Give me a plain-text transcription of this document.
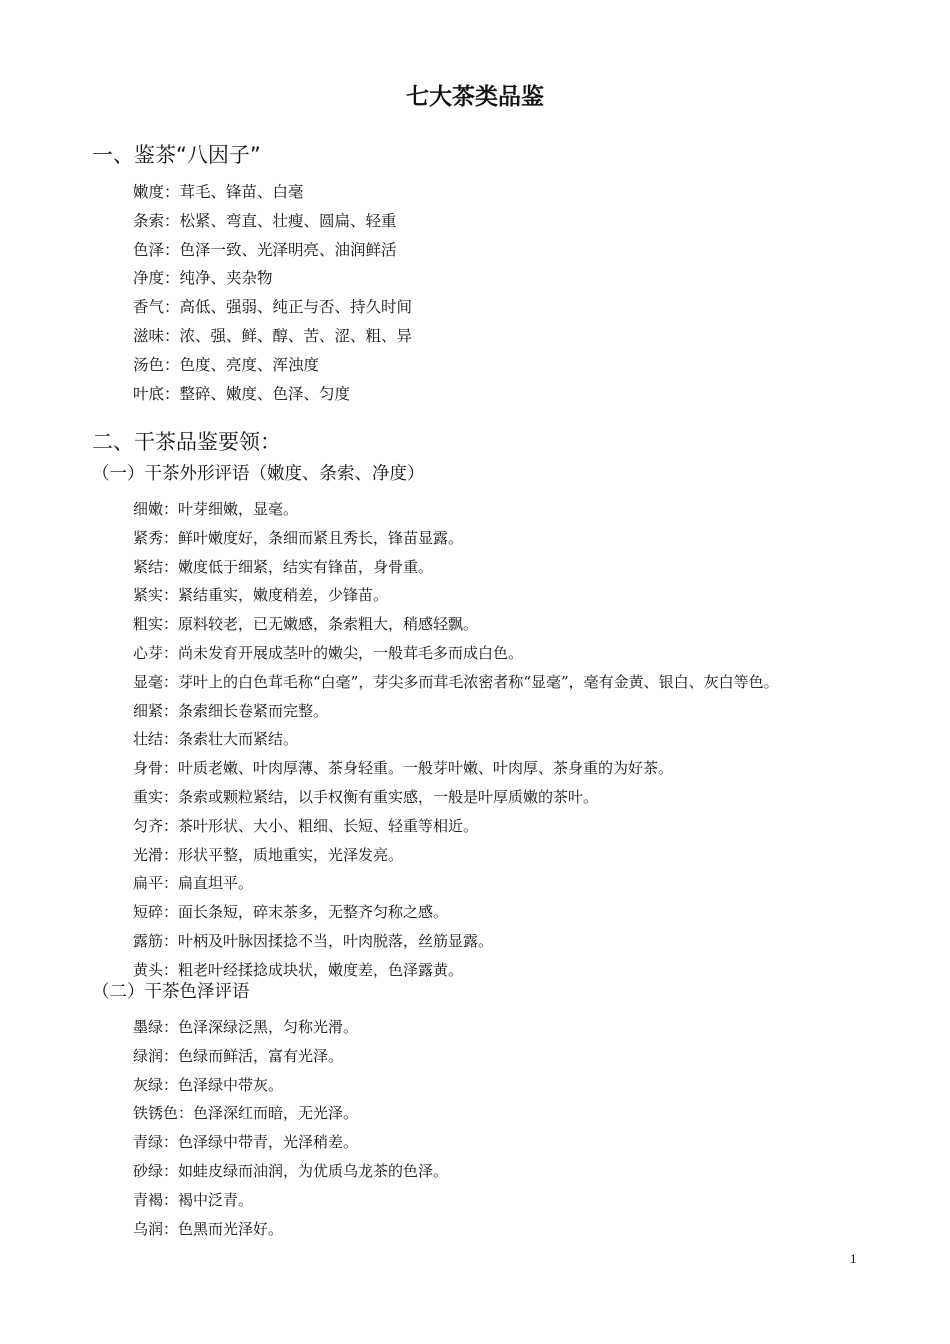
七大茶类品鉴
一、鉴茶“八因子”
嫩度：茸毛、锋苗、白毫
条索：松紧、弯直、壮瘦、圆扁、轻重
色泽：色泽一致、光泽明亮、油润鲜活
净度：纯净、夹杂物
香气：高低、强弱、纯正与否、持久时间
滋味：浓、强、鲜、醇、苦、涩、粗、异
汤色：色度、亮度、浑浊度
叶底：整碎、嫩度、色泽、匀度
二、干茶品鉴要领：
（一）干茶外形评语（嫩度、条索、净度）
细嫩：叶芽细嫩，显毫。
紧秀：鲜叶嫩度好，条细而紧且秀长，锋苗显露。
紧结：嫩度低于细紧，结实有锋苗，身骨重。
紧实：紧结重实，嫩度稍差，少锋苗。
粗实：原料较老，已无嫩感，条索粗大，稍感轻飘。
心芽：尚未发育开展成茎叶的嫩尖，一般茸毛多而成白色。
显毫：芽叶上的白色茸毛称“白毫”，芽尖多而茸毛浓密者称“显毫”，毫有金黄、银白、灰白等色。
细紧：条索细长卷紧而完整。
壮结：条索壮大而紧结。
身骨：叶质老嫩、叶肉厚薄、茶身轻重。一般芽叶嫩、叶肉厚、茶身重的为好茶。
重实：条索或颗粒紧结，以手权衡有重实感，一般是叶厚质嫩的茶叶。
匀齐：茶叶形状、大小、粗细、长短、轻重等相近。
光滑：形状平整，质地重实，光泽发亮。
扁平：扁直坦平。
短碎：面长条短，碎末茶多，无整齐匀称之感。
露筋：叶柄及叶脉因揉捻不当，叶肉脱落，丝筋显露。
黄头：粗老叶经揉捻成块状，嫩度差，色泽露黄。
（二）干茶色泽评语
墨绿：色泽深绿泛黑，匀称光滑。
绿润：色绿而鲜活，富有光泽。
灰绿：色泽绿中带灰。
铁锈色：色泽深红而暗，无光泽。
青绿：色泽绿中带青，光泽稍差。
砂绿：如蛙皮绿而油润，为优质乌龙茶的色泽。
青褐：褐中泛青。
乌润：色黑而光泽好。
1
